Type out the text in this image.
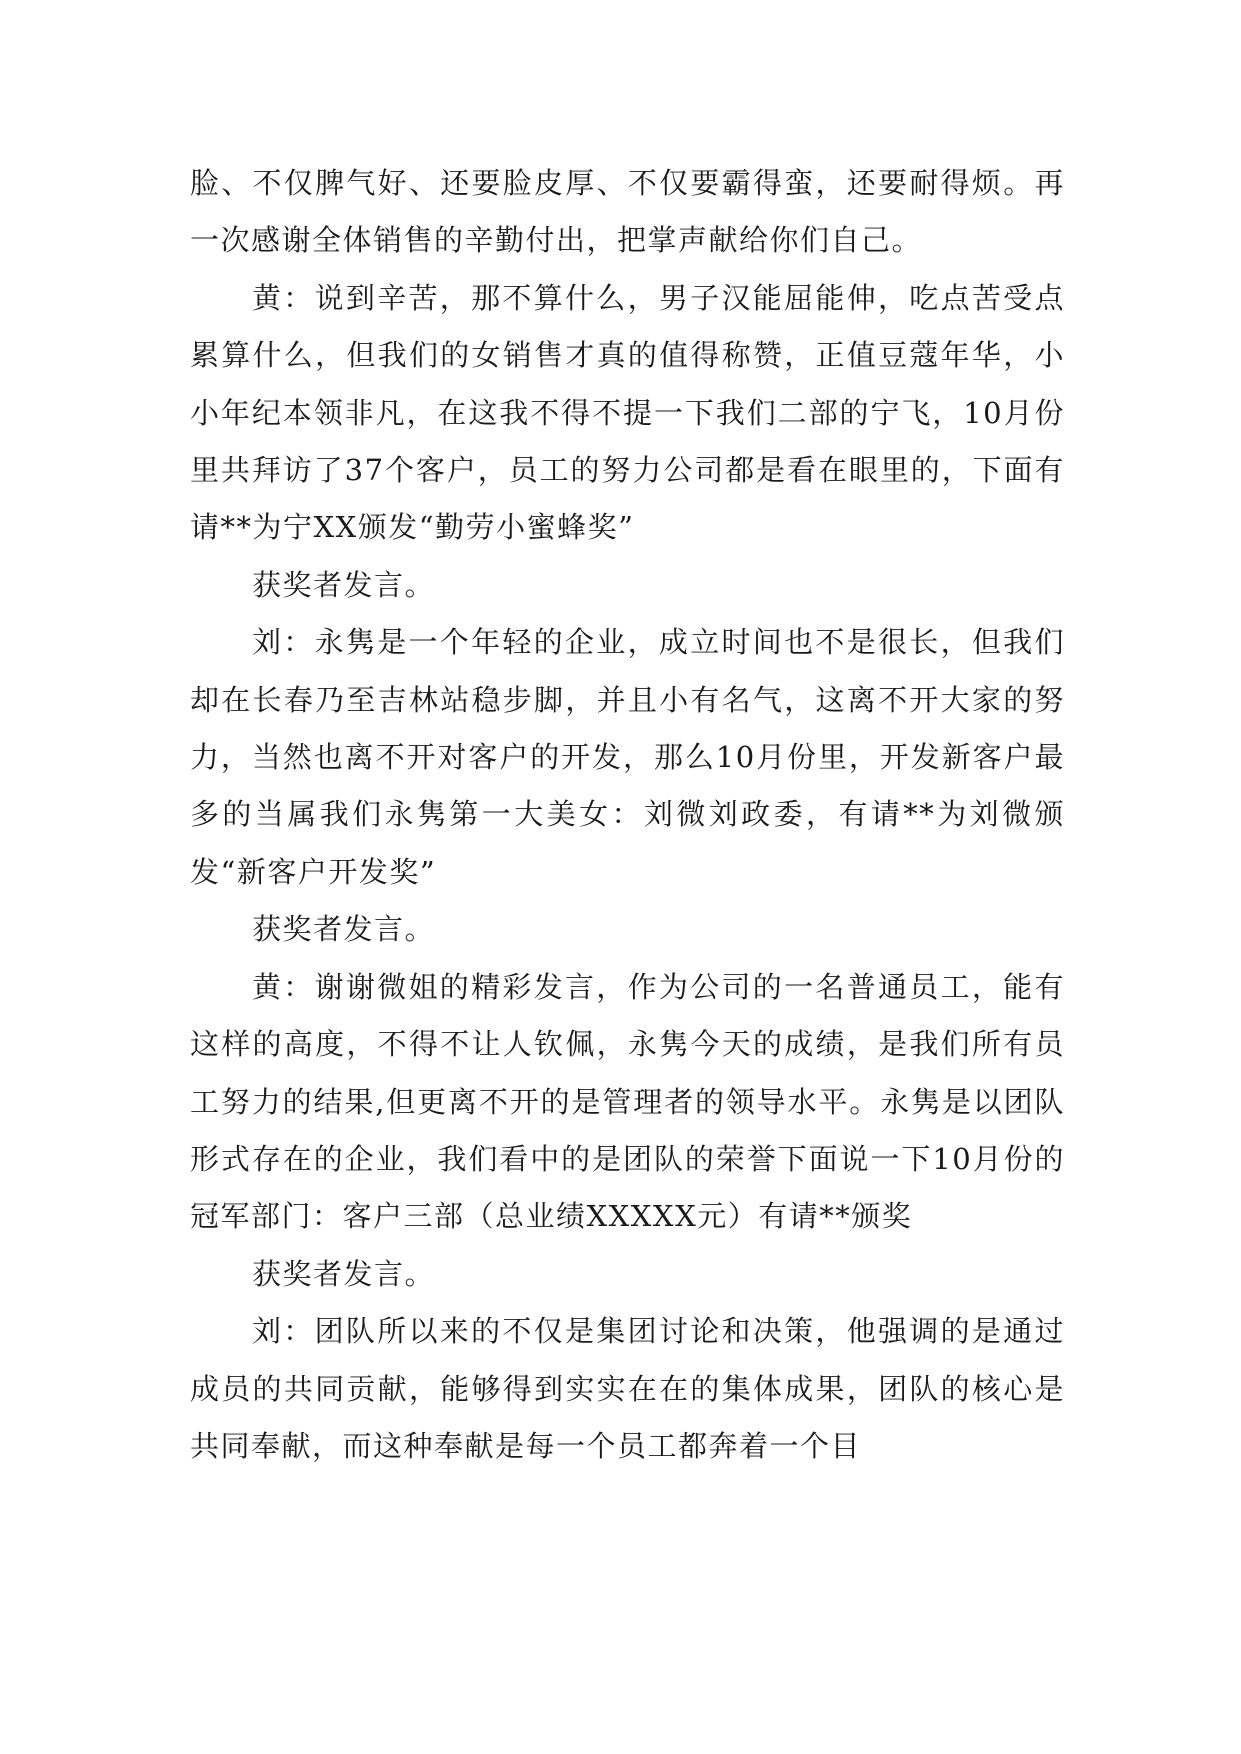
脸、不仅脾气好、还要脸皮厚、不仅要霸得蛮，还要耐得烦。再一次感谢全体销售的辛勤付出，把掌声献给你们自己。

黄：说到辛苦，那不算什么，男子汉能屈能伸，吃点苦受点累算什么，但我们的女销售才真的值得称赞，正值豆蔻年华，小小年纪本领非凡，在这我不得不提一下我们二部的宁飞，10月份里共拜访了37个客户，员工的努力公司都是看在眼里的，下面有请**为宁XX颁发“勤劳小蜜蜂奖”

获奖者发言。

刘：永隽是一个年轻的企业，成立时间也不是很长，但我们却在长春乃至吉林站稳步脚，并且小有名气，这离不开大家的努力，当然也离不开对客户的开发，那么10月份里，开发新客户最多的当属我们永隽第一大美女：刘微刘政委，有请**为刘微颁发“新客户开发奖”

获奖者发言。

黄：谢谢微姐的精彩发言，作为公司的一名普通员工，能有这样的高度，不得不让人钦佩，永隽今天的成绩，是我们所有员工努力的结果,但更离不开的是管理者的领导水平。永隽是以团队形式存在的企业，我们看中的是团队的荣誉下面说一下10月份的冠军部门：客户三部（总业绩XXXXX元）有请**颁奖

获奖者发言。

刘：团队所以来的不仅是集团讨论和决策，他强调的是通过成员的共同贡献，能够得到实实在在的集体成果，团队的核心是共同奉献，而这种奉献是每一个员工都奔着一个目
